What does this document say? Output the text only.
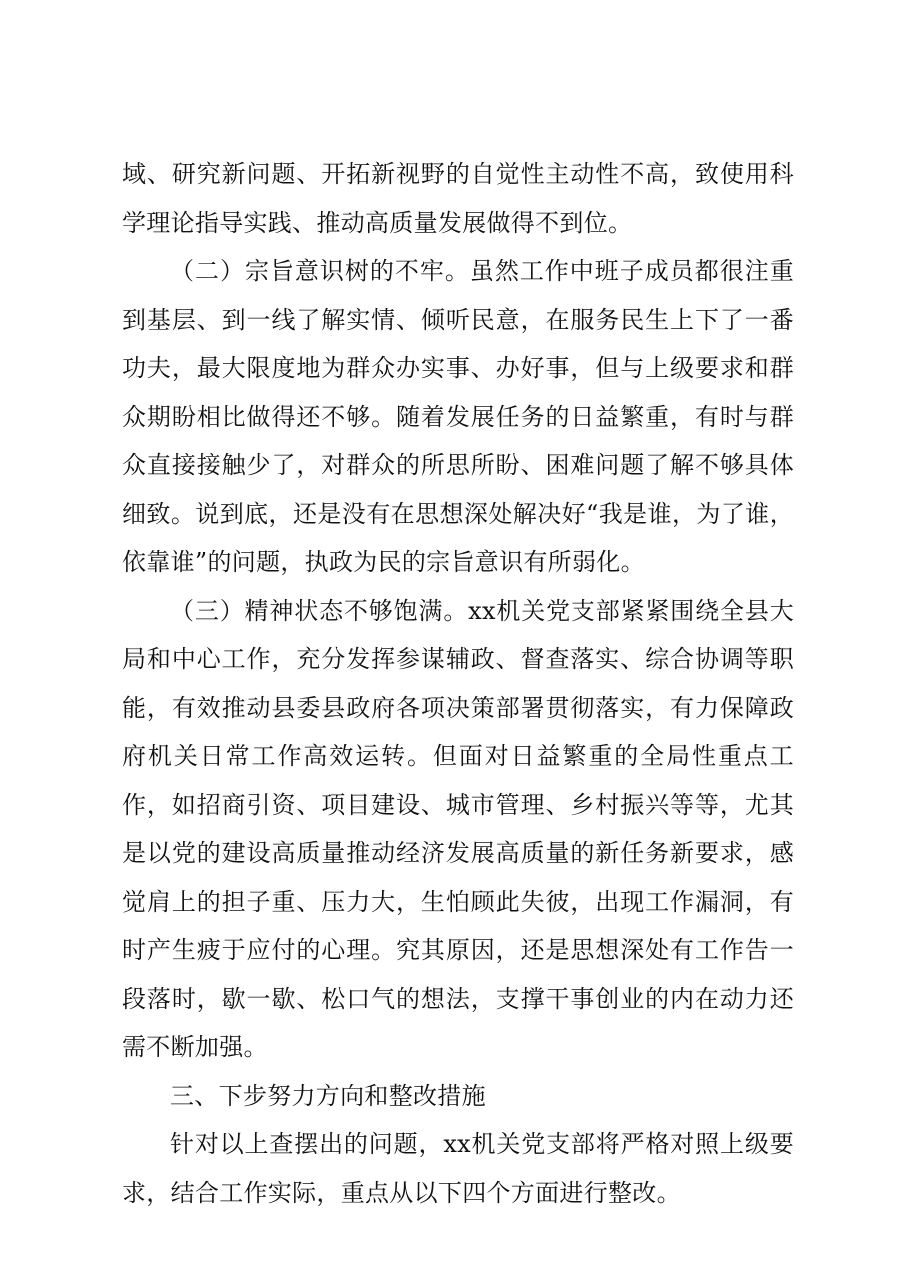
域、研究新问题、开拓新视野的自觉性主动性不高，致使用科学理论指导实践、推动高质量发展做得不到位。

（二）宗旨意识树的不牢。虽然工作中班子成员都很注重到基层、到一线了解实情、倾听民意，在服务民生上下了一番功夫，最大限度地为群众办实事、办好事，但与上级要求和群众期盼相比做得还不够。随着发展任务的日益繁重，有时与群众直接接触少了，对群众的所思所盼、困难问题了解不够具体细致。说到底，还是没有在思想深处解决好“我是谁，为了谁，依靠谁”的问题，执政为民的宗旨意识有所弱化。

（三）精神状态不够饱满。xx机关党支部紧紧围绕全县大局和中心工作，充分发挥参谋辅政、督查落实、综合协调等职能，有效推动县委县政府各项决策部署贯彻落实，有力保障政府机关日常工作高效运转。但面对日益繁重的全局性重点工作，如招商引资、项目建设、城市管理、乡村振兴等等，尤其是以党的建设高质量推动经济发展高质量的新任务新要求，感觉肩上的担子重、压力大，生怕顾此失彼，出现工作漏洞，有时产生疲于应付的心理。究其原因，还是思想深处有工作告一段落时，歇一歇、松口气的想法，支撑干事创业的内在动力还需不断加强。

三、下步努力方向和整改措施

针对以上查摆出的问题，xx机关党支部将严格对照上级要求，结合工作实际，重点从以下四个方面进行整改。
